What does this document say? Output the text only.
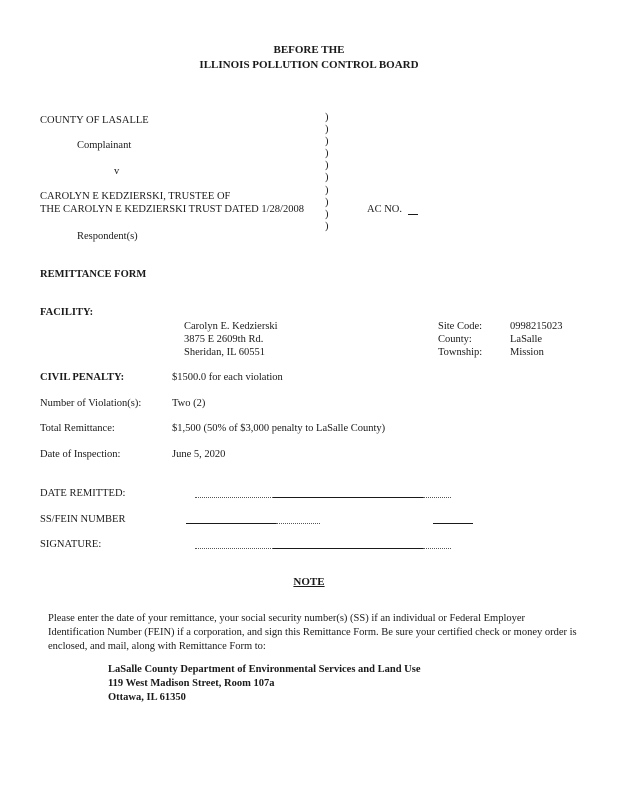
BEFORE THE
ILLINOIS POLLUTION CONTROL BOARD
COUNTY OF LASALLE
Complainant
v
CAROLYN E KEDZIERSKI, TRUSTEE OF
THE CAROLYN E KEDZIERSKI TRUST DATED 1/28/2008
Respondent(s)
AC NO.
)
)
)
)
)
)
)
)
)
)
REMITTANCE FORM
FACILITY:
Carolyn E. Kedzierski
3875 E 2609th Rd.
Sheridan, IL 60551
Site Code:	0998215023
County:	LaSalle
Township:	Mission
CIVIL PENALTY:	$1500.0 for each violation
Number of Violation(s):	Two (2)
Total Remittance:	$1,500 (50% of $3,000 penalty to LaSalle County)
Date of Inspection:	June 5, 2020
DATE REMITTED:
SS/FEIN NUMBER
SIGNATURE:
NOTE
Please enter the date of your remittance, your social security number(s) (SS) if an individual or Federal Employer Identification Number (FEIN) if a corporation, and sign this Remittance Form. Be sure your certified check or money order is enclosed, and mail, along with Remittance Form to:
LaSalle County Department of Environmental Services and Land Use
119 West Madison Street, Room 107a
Ottawa, IL 61350
